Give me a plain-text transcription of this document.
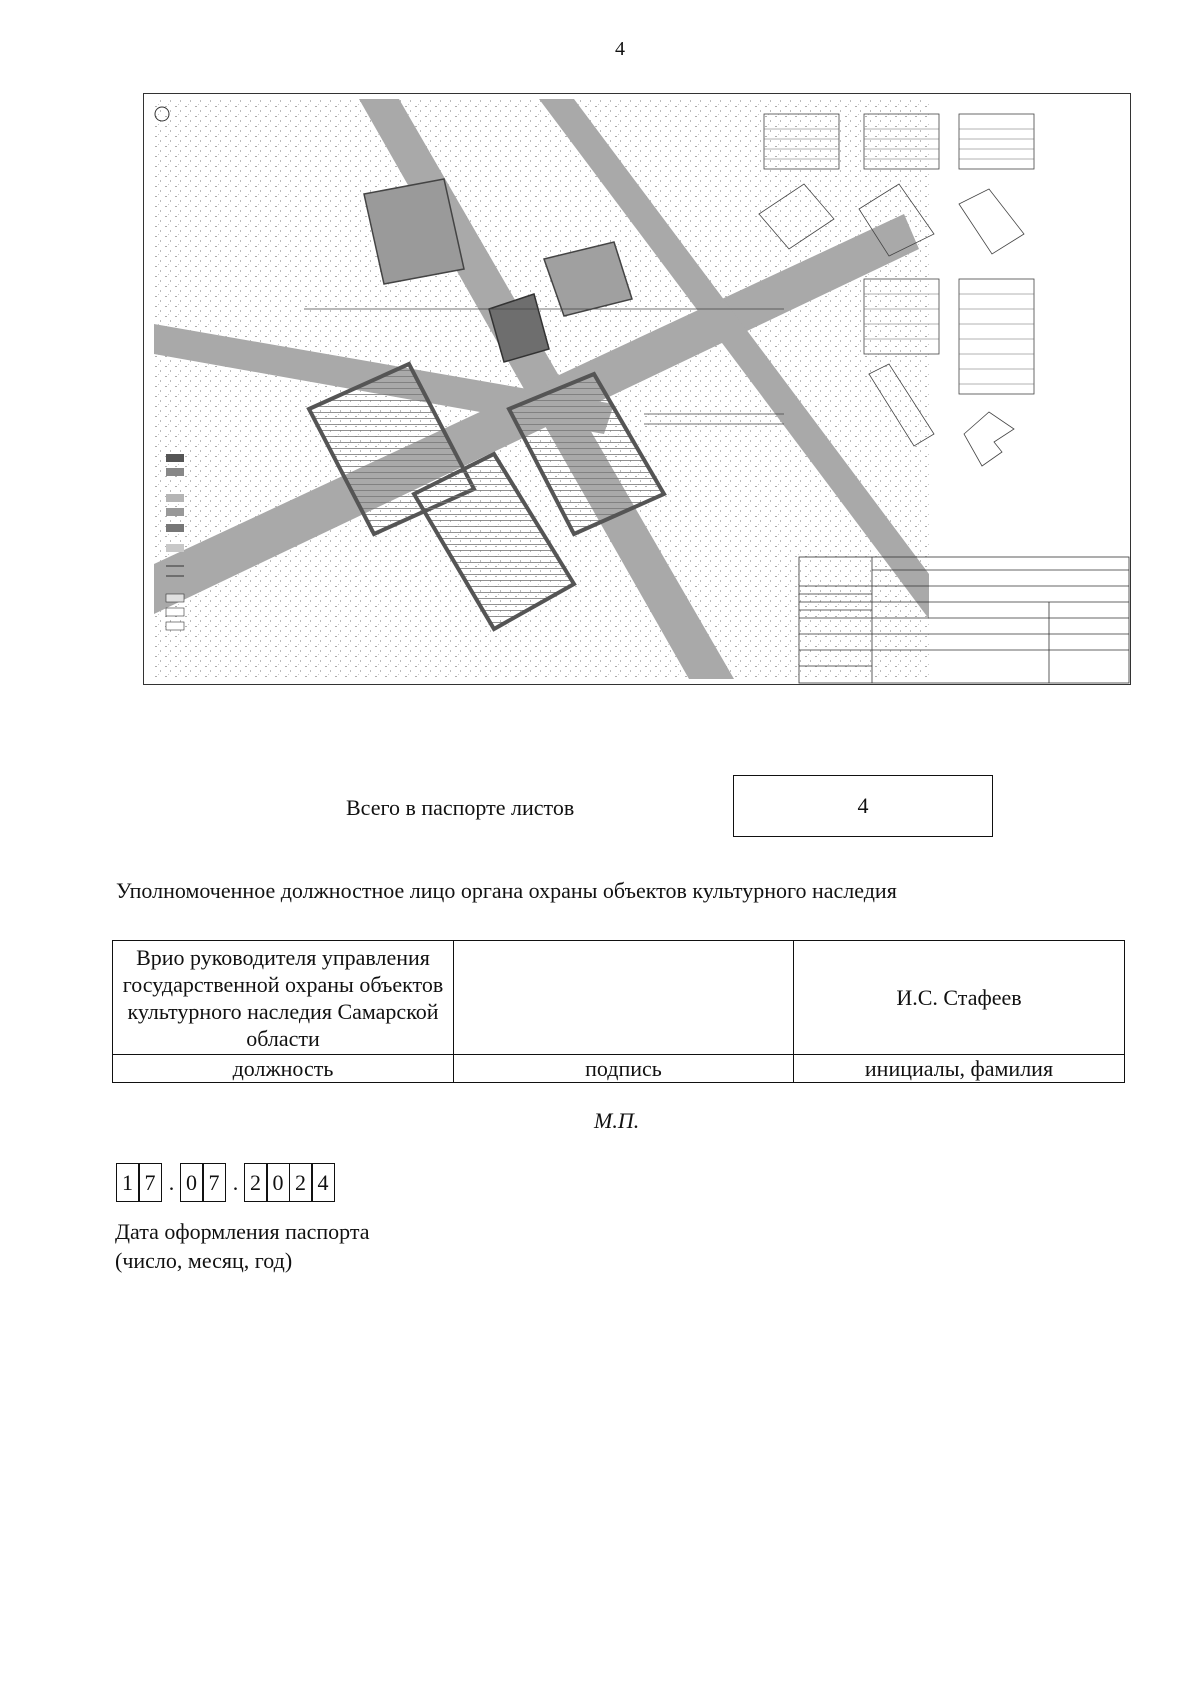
4
Всего в паспорте листов	4
Уполномоченное должностное лицо органа охраны объектов культурного наследия
Врио руководителя управления государственной охраны объектов культурного наследия Самарской области		И.С. Стафеев
должность	подпись	инициалы, фамилия
М.П.
1 7 . 0 7 . 2 0 2 4
Дата оформления паспорта
(число, месяц, год)
